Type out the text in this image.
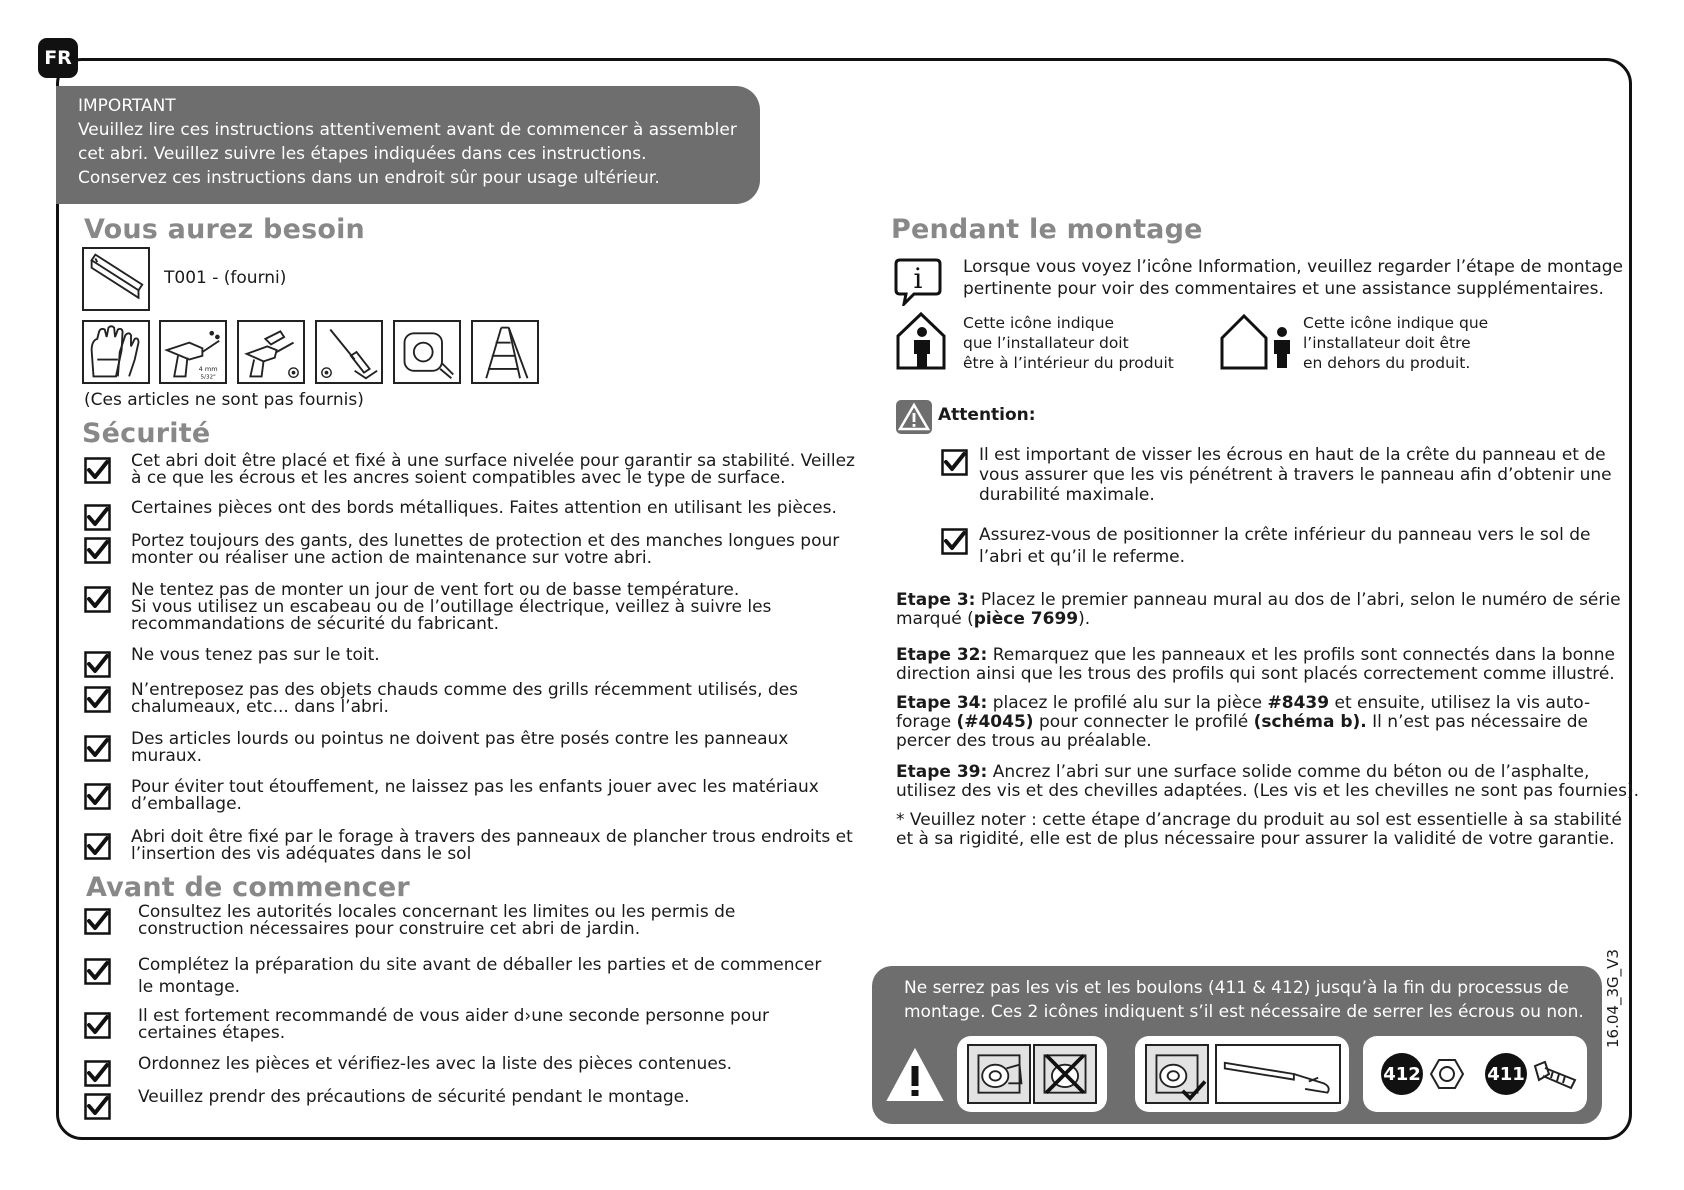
FR
IMPORTANT
Veuillez lire ces instructions attentivement avant de commencer à assembler
cet abri. Veuillez suivre les étapes indiquées dans ces instructions.
Conservez ces instructions dans un endroit sûr pour usage ultérieur.
Vous aurez besoin
T001 - (fourni)
4 mm
5/32"
(Ces articles ne sont pas fournis)
Sécurité
Cet abri doit être placé et fixé à une surface nivelée pour garantir sa stabilité. Veillez
à ce que les écrous et les ancres soient compatibles avec le type de surface.
Certaines pièces ont des bords métalliques. Faites attention en utilisant les pièces.
Portez toujours des gants, des lunettes de protection et des manches longues pour
monter ou réaliser une action de maintenance sur votre abri.
Ne tentez pas de monter un jour de vent fort ou de basse température.
Si vous utilisez un escabeau ou de l’outillage électrique, veillez à suivre les
recommandations de sécurité du fabricant.
Ne vous tenez pas sur le toit.
N’entreposez pas des objets chauds comme des grills récemment utilisés, des
chalumeaux, etc... dans l’abri.
Des articles lourds ou pointus ne doivent pas être posés contre les panneaux
muraux.
Pour éviter tout étouffement, ne laissez pas les enfants jouer avec les matériaux
d’emballage.
Abri doit être fixé par le forage à travers des panneaux de plancher trous endroits et
l’insertion des vis adéquates dans le sol
Avant de commencer
Consultez les autorités locales concernant les limites ou les permis de
construction nécessaires pour construire cet abri de jardin.
Complétez la préparation du site avant de déballer les parties et de commencer
le montage.
Il est fortement recommandé de vous aider d›une seconde personne pour
certaines étapes.
Ordonnez les pièces et vérifiez-les avec la liste des pièces contenues.
Veuillez prendr des précautions de sécurité pendant le montage.
Pendant le montage
i Lorsque vous voyez l’icône Information, veuillez regarder l’étape de montage
pertinente pour voir des commentaires et une assistance supplémentaires.
Cette icône indique
que l’installateur doit
être à l’intérieur du produit
Cette icône indique que
l’installateur doit être
en dehors du produit.
Attention:
Il est important de visser les écrous en haut de la crête du panneau et de
vous assurer que les vis pénétrent à travers le panneau afin d’obtenir une
durabilité maximale.
Assurez-vous de positionner la crête inférieur du panneau vers le sol de
l’abri et qu’il le referme.
Etape 3: Placez le premier panneau mural au dos de l’abri, selon le numéro de série
marqué (pièce 7699).
Etape 32: Remarquez que les panneaux et les profils sont connectés dans la bonne
direction ainsi que les trous des profils qui sont placés correctement comme illustré.
Etape 34: placez le profilé alu sur la pièce #8439 et ensuite, utilisez la vis auto-
forage (#4045) pour connecter le profilé (schéma b). Il n’est pas nécessaire de
percer des trous au préalable.
Etape 39: Ancrez l’abri sur une surface solide comme du béton ou de l’asphalte,
utilisez des vis et des chevilles adaptées. (Les vis et les chevilles ne sont pas fournies).
* Veuillez noter : cette étape d’ancrage du produit au sol est essentielle à sa stabilité
et à sa rigidité, elle est de plus nécessaire pour assurer la validité de votre garantie.
Ne serrez pas les vis et les boulons (411 & 412) jusqu’à la fin du processus de
montage. Ces 2 icônes indiquent s’il est nécessaire de serrer les écrous ou non.
412	411
16.04_3G_V3
